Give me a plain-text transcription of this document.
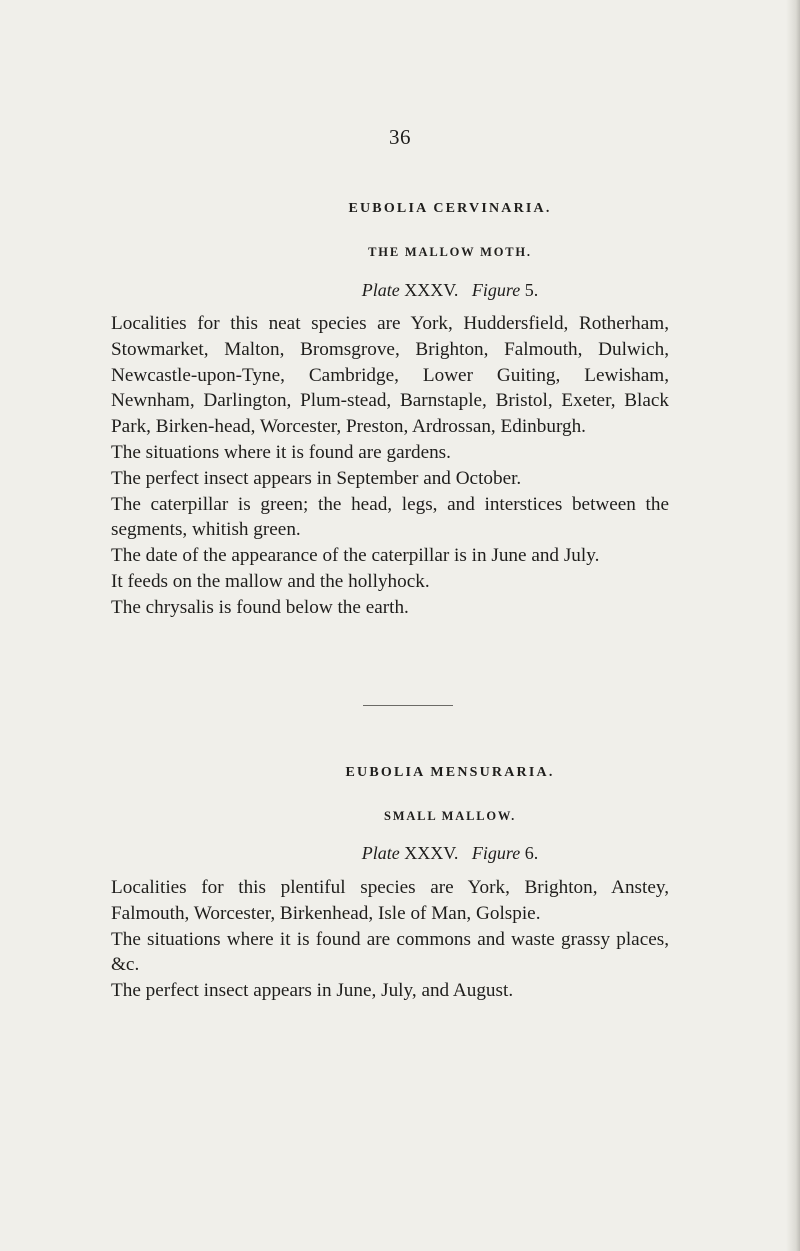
36
EUBOLIA CERVINARIA.
THE MALLOW MOTH.
Plate XXXV. Figure 5.

Localities for this neat species are York, Huddersfield, Rotherham, Stowmarket, Malton, Bromsgrove, Brighton, Falmouth, Dulwich, Newcastle-upon-Tyne, Cambridge, Lower Guiting, Lewisham, Newnham, Darlington, Plum-stead, Barnstaple, Bristol, Exeter, Black Park, Birken-head, Worcester, Preston, Ardrossan, Edinburgh.

The situations where it is found are gardens.

The perfect insect appears in September and October.

The caterpillar is green; the head, legs, and interstices between the segments, whitish green.

The date of the appearance of the caterpillar is in June and July.

It feeds on the mallow and the hollyhock.

The chrysalis is found below the earth.

EUBOLIA MENSURARIA.
SMALL MALLOW.
Plate XXXV. Figure 6.

Localities for this plentiful species are York, Brighton, Anstey, Falmouth, Worcester, Birkenhead, Isle of Man, Golspie.

The situations where it is found are commons and waste grassy places, &c.

The perfect insect appears in June, July, and August.
